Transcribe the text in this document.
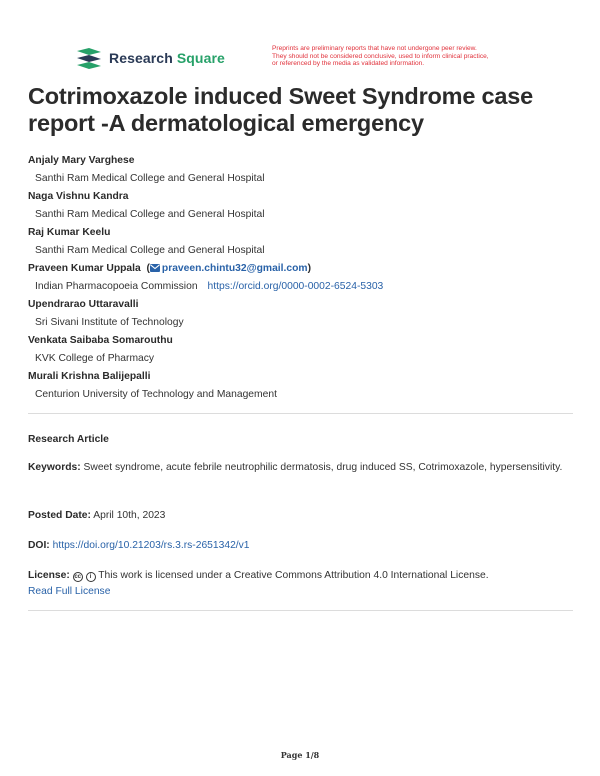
Research Square
Preprints are preliminary reports that have not undergone peer review.
They should not be considered conclusive, used to inform clinical practice,
or referenced by the media as validated information.
Cotrimoxazole induced Sweet Syndrome case report -A dermatological emergency
Anjaly Mary Varghese
Santhi Ram Medical College and General Hospital
Naga Vishnu Kandra
Santhi Ram Medical College and General Hospital
Raj Kumar Keelu
Santhi Ram Medical College and General Hospital
Praveen Kumar Uppala  ( praveen.chintu32@gmail.com)
Indian Pharmacopoeia Commission https://orcid.org/0000-0002-6524-5303
Upendrarao Uttaravalli
Sri Sivani Institute of Technology
Venkata Saibaba Somarouthu
KVK College of Pharmacy
Murali Krishna Balijepalli
Centurion University of Technology and Management
Research Article
Keywords: Sweet syndrome, acute febrile neutrophilic dermatosis, drug induced SS, Cotrimoxazole, hypersensitivity.
Posted Date: April 10th, 2023
DOI: https://doi.org/10.21203/rs.3.rs-2651342/v1
License: cc i This work is licensed under a Creative Commons Attribution 4.0 International License.
Read Full License
Page 1/8
